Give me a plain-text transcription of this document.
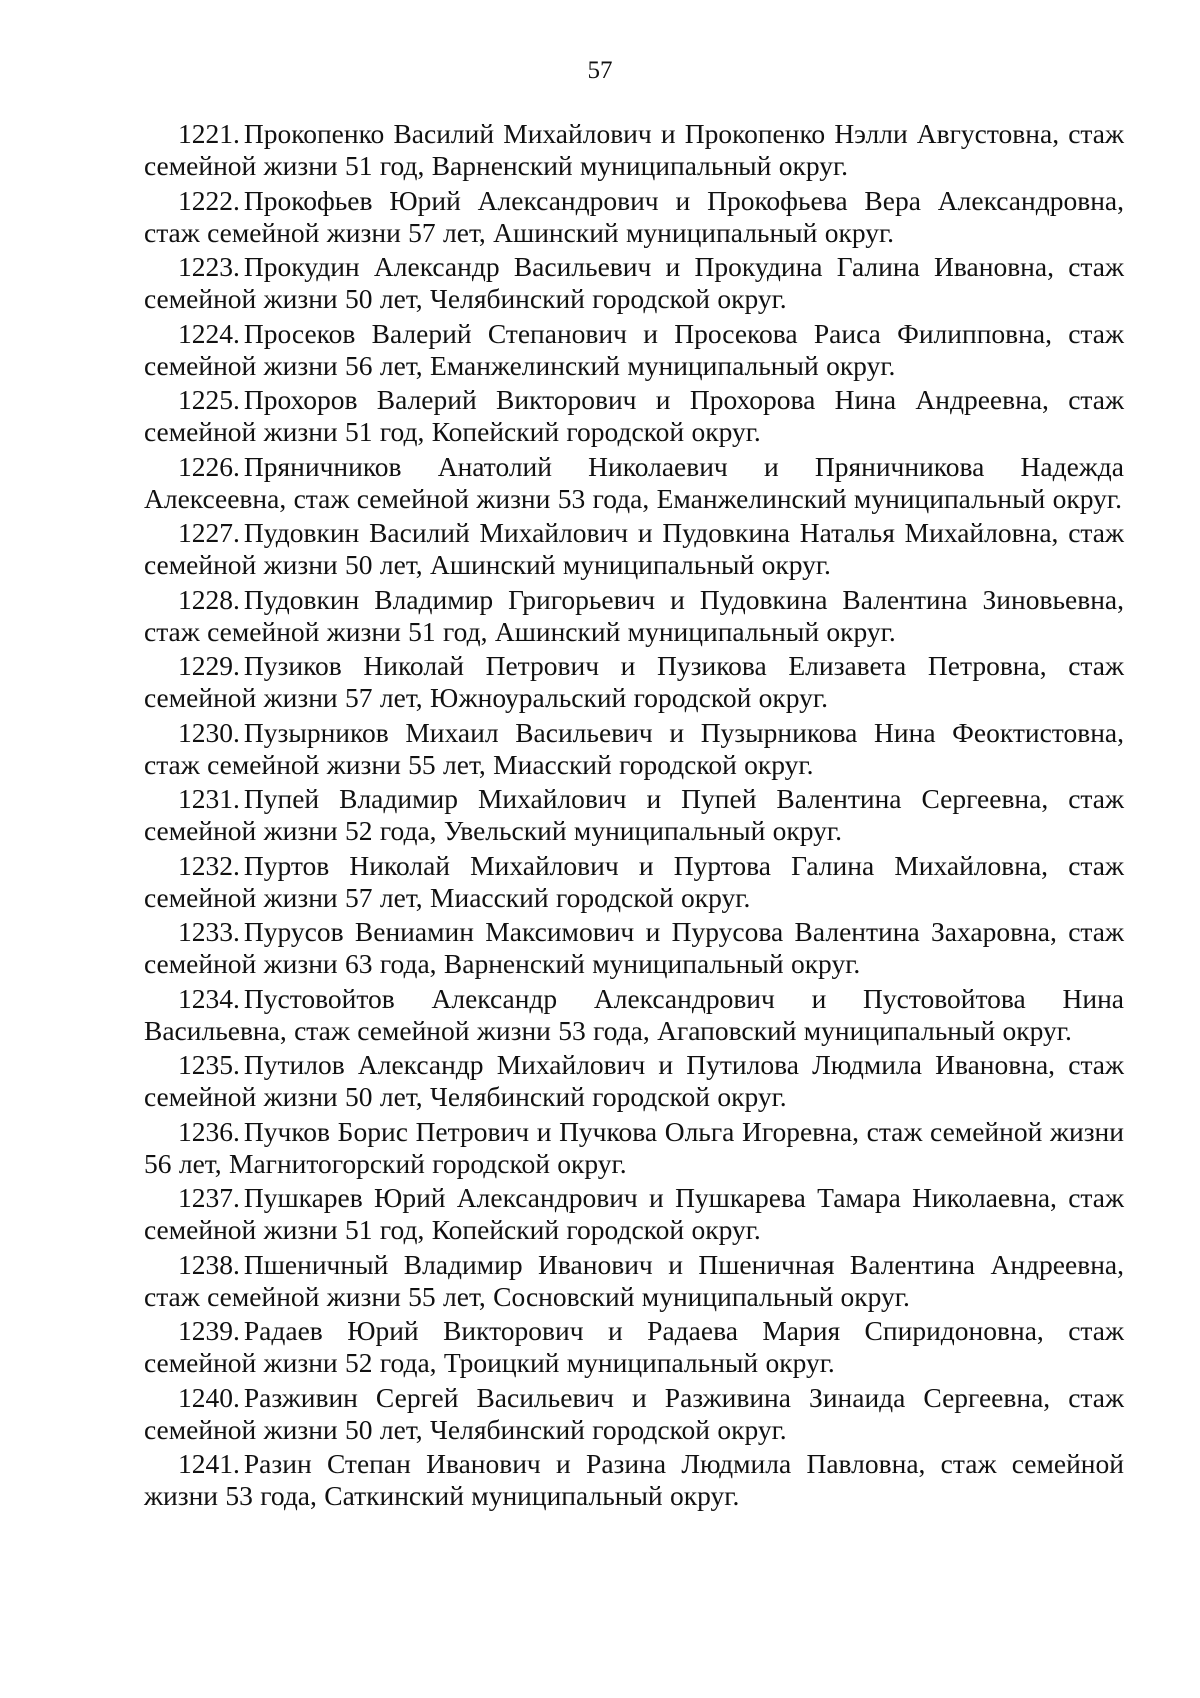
57

1221. Прокопенко Василий Михайлович и Прокопенко Нэлли Августовна, стаж семейной жизни 51 год, Варненский муниципальный округ.

1222. Прокофьев Юрий Александрович и Прокофьева Вера Александровна, стаж семейной жизни 57 лет, Ашинский муниципальный округ.

1223. Прокудин Александр Васильевич и Прокудина Галина Ивановна, стаж семейной жизни 50 лет, Челябинский городской округ.

1224. Просеков Валерий Степанович и Просекова Раиса Филипповна, стаж семейной жизни 56 лет, Еманжелинский муниципальный округ.

1225. Прохоров Валерий Викторович и Прохорова Нина Андреевна, стаж семейной жизни 51 год, Копейский городской округ.

1226. Пряничников Анатолий Николаевич и Пряничникова Надежда Алексеевна, стаж семейной жизни 53 года, Еманжелинский муниципальный округ.

1227. Пудовкин Василий Михайлович и Пудовкина Наталья Михайловна, стаж семейной жизни 50 лет, Ашинский муниципальный округ.

1228. Пудовкин Владимир Григорьевич и Пудовкина Валентина Зиновьевна, стаж семейной жизни 51 год, Ашинский муниципальный округ.

1229. Пузиков Николай Петрович и Пузикова Елизавета Петровна, стаж семейной жизни 57 лет, Южноуральский городской округ.

1230. Пузырников Михаил Васильевич и Пузырникова Нина Феоктистовна, стаж семейной жизни 55 лет, Миасский городской округ.

1231. Пупей Владимир Михайлович и Пупей Валентина Сергеевна, стаж семейной жизни 52 года, Увельский муниципальный округ.

1232. Пуртов Николай Михайлович и Пуртова Галина Михайловна, стаж семейной жизни 57 лет, Миасский городской округ.

1233. Пурусов Вениамин Максимович и Пурусова Валентина Захаровна, стаж семейной жизни 63 года, Варненский муниципальный округ.

1234. Пустовойтов Александр Александрович и Пустовойтова Нина Васильевна, стаж семейной жизни 53 года, Агаповский муниципальный округ.

1235. Путилов Александр Михайлович и Путилова Людмила Ивановна, стаж семейной жизни 50 лет, Челябинский городской округ.

1236. Пучков Борис Петрович и Пучкова Ольга Игоревна, стаж семейной жизни 56 лет, Магнитогорский городской округ.

1237. Пушкарев Юрий Александрович и Пушкарева Тамара Николаевна, стаж семейной жизни 51 год, Копейский городской округ.

1238. Пшеничный Владимир Иванович и Пшеничная Валентина Андреевна, стаж семейной жизни 55 лет, Сосновский муниципальный округ.

1239. Радаев Юрий Викторович и Радаева Мария Спиридоновна, стаж семейной жизни 52 года, Троицкий муниципальный округ.

1240. Разживин Сергей Васильевич и Разживина Зинаида Сергеевна, стаж семейной жизни 50 лет, Челябинский городской округ.

1241. Разин Степан Иванович и Разина Людмила Павловна, стаж семейной жизни 53 года, Саткинский муниципальный округ.
